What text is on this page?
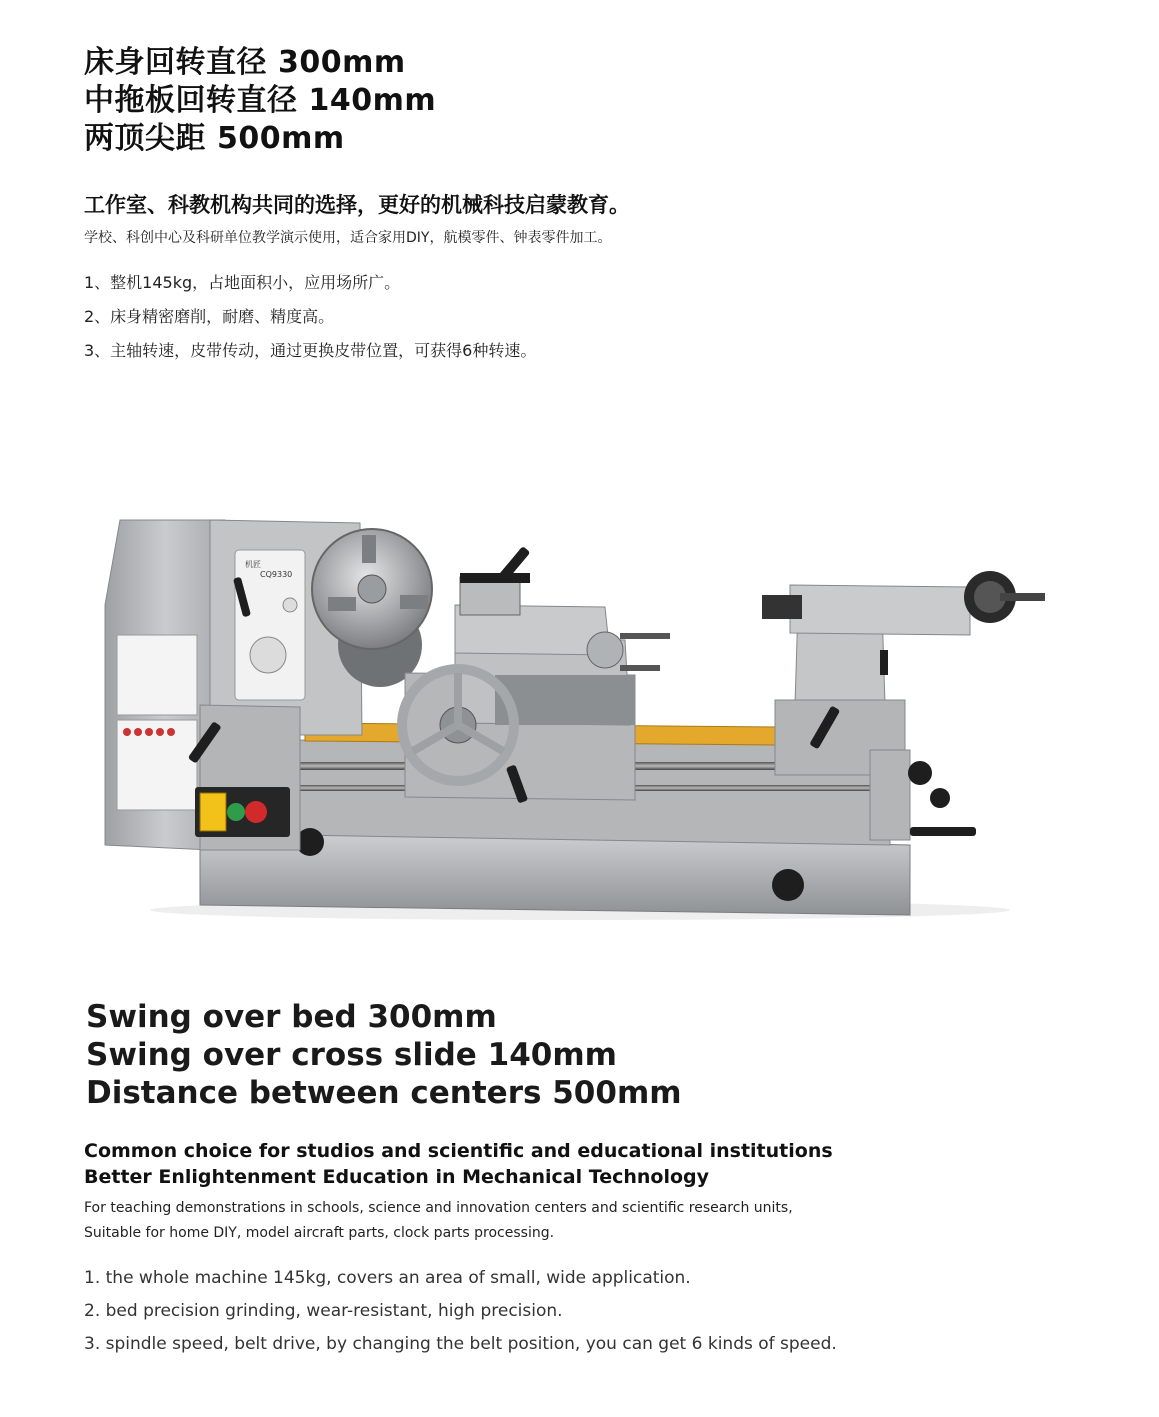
床身回转直径 300mm
中拖板回转直径 140mm
两顶尖距 500mm
工作室、科教机构共同的选择，更好的机械科技启蒙教育。
学校、科创中心及科研单位教学演示使用，适合家用DIY，航模零件、钟表零件加工。
1、整机145kg，占地面积小，应用场所广。
2、床身精密磨削，耐磨、精度高。
3、主轴转速，皮带传动，通过更换皮带位置，可获得6种转速。
机匠
CQ9330
Swing over bed 300mm
Swing over cross slide 140mm
Distance between centers 500mm
Common choice for studios and scientific and educational institutions
Better Enlightenment Education in Mechanical Technology
For teaching demonstrations in schools, science and innovation centers and scientific research units,
Suitable for home DIY, model aircraft parts, clock parts processing.
1. the whole machine 145kg, covers an area of small, wide application.
2. bed precision grinding, wear-resistant, high precision.
3. spindle speed, belt drive, by changing the belt position, you can get 6 kinds of speed.
